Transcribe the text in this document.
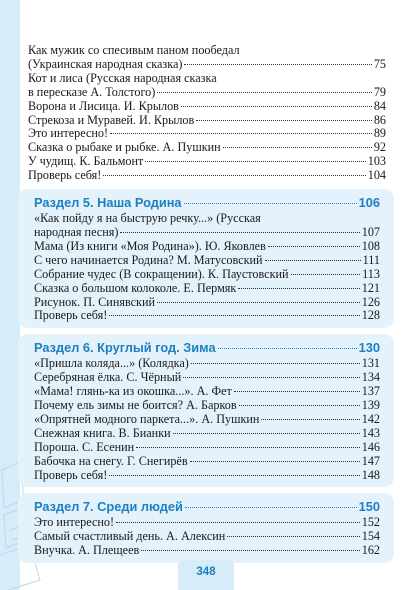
Как мужик со спесивым паном пообедал
(Украинская народная сказка)	75
Кот и лиса (Русская народная сказка
в пересказе А. Толстого)	79
Ворона и Лисица. И. Крылов	84
Стрекоза и Муравей. И. Крылов	86
Это интересно!	89
Сказка о рыбаке и рыбке. А. Пушкин	92
У чудищ. К. Бальмонт	103
Проверь себя!	104
Раздел 5. Наша Родина	106
«Как пойду я на быструю речку...» (Русская
народная песня)	107
Мама (Из книги «Моя Родина»). Ю. Яковлев	108
С чего начинается Родина? М. Матусовский	111
Собрание чудес (В сокращении). К. Паустовский	113
Сказка о большом колоколе. Е. Пермяк	121
Рисунок. П. Синявский	126
Проверь себя!	128
Раздел 6. Круглый год. Зима	130
«Пришла коляда...» (Колядка)	131
Серебряная ёлка. С. Чёрный	134
«Мама! глянь-ка из окошка...». А. Фет	137
Почему ель зимы не боится? А. Барков	139
«Опрятней модного паркета...». А. Пушкин	142
Снежная книга. В. Бианки	143
Пороша. С. Есенин	146
Бабочка на снегу. Г. Снегирёв	147
Проверь себя!	148
Раздел 7. Среди людей	150
Это интересно!	152
Самый счастливый день. А. Алексин	154
Внучка. А. Плещеев	162
348
